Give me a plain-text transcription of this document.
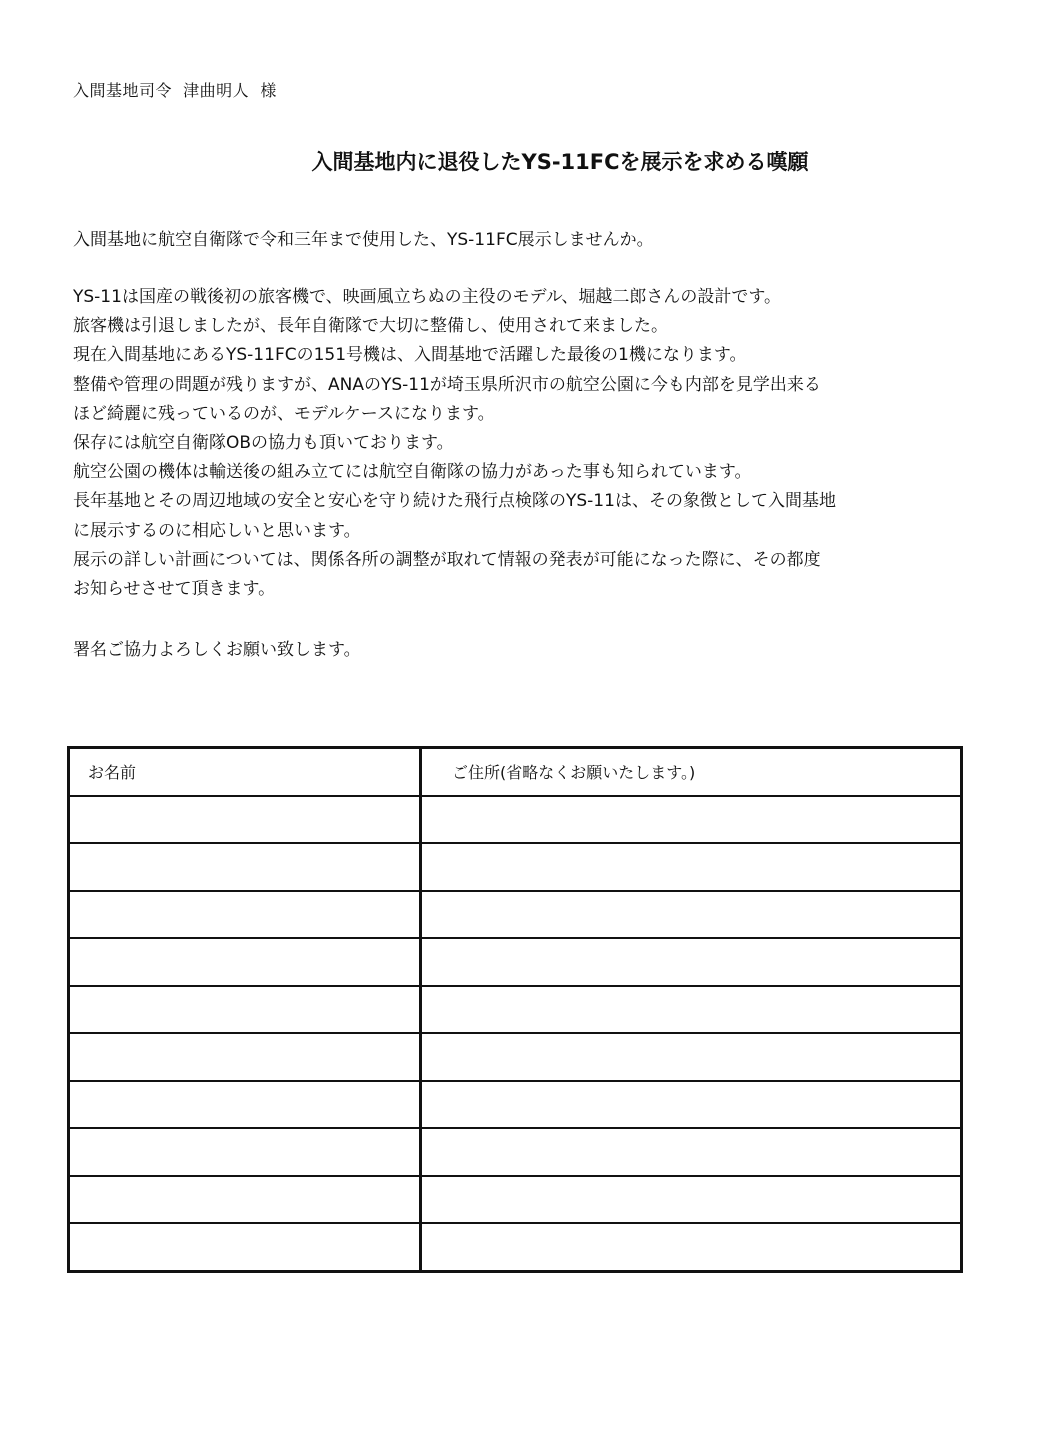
入間基地司令  津曲明人  様
入間基地内に退役したYS-11FCを展示を求める嘆願
入間基地に航空自衛隊で令和三年まで使用した、YS-11FC展示しませんか。
YS-11は国産の戦後初の旅客機で、映画風立ちぬの主役のモデル、堀越二郎さんの設計です。
旅客機は引退しましたが、長年自衛隊で大切に整備し、使用されて来ました。
現在入間基地にあるYS-11FCの151号機は、入間基地で活躍した最後の1機になります。
整備や管理の問題が残りますが、ANAのYS-11が埼玉県所沢市の航空公園に今も内部を見学出来る
ほど綺麗に残っているのが、モデルケースになります。
保存には航空自衛隊OBの協力も頂いております。
航空公園の機体は輸送後の組み立てには航空自衛隊の協力があった事も知られています。
長年基地とその周辺地域の安全と安心を守り続けた飛行点検隊のYS-11は、その象徴として入間基地
に展示するのに相応しいと思います。
展示の詳しい計画については、関係各所の調整が取れて情報の発表が可能になった際に、その都度
お知らせさせて頂きます。
署名ご協力よろしくお願い致します。
お名前	ご住所(省略なくお願いたします。)
